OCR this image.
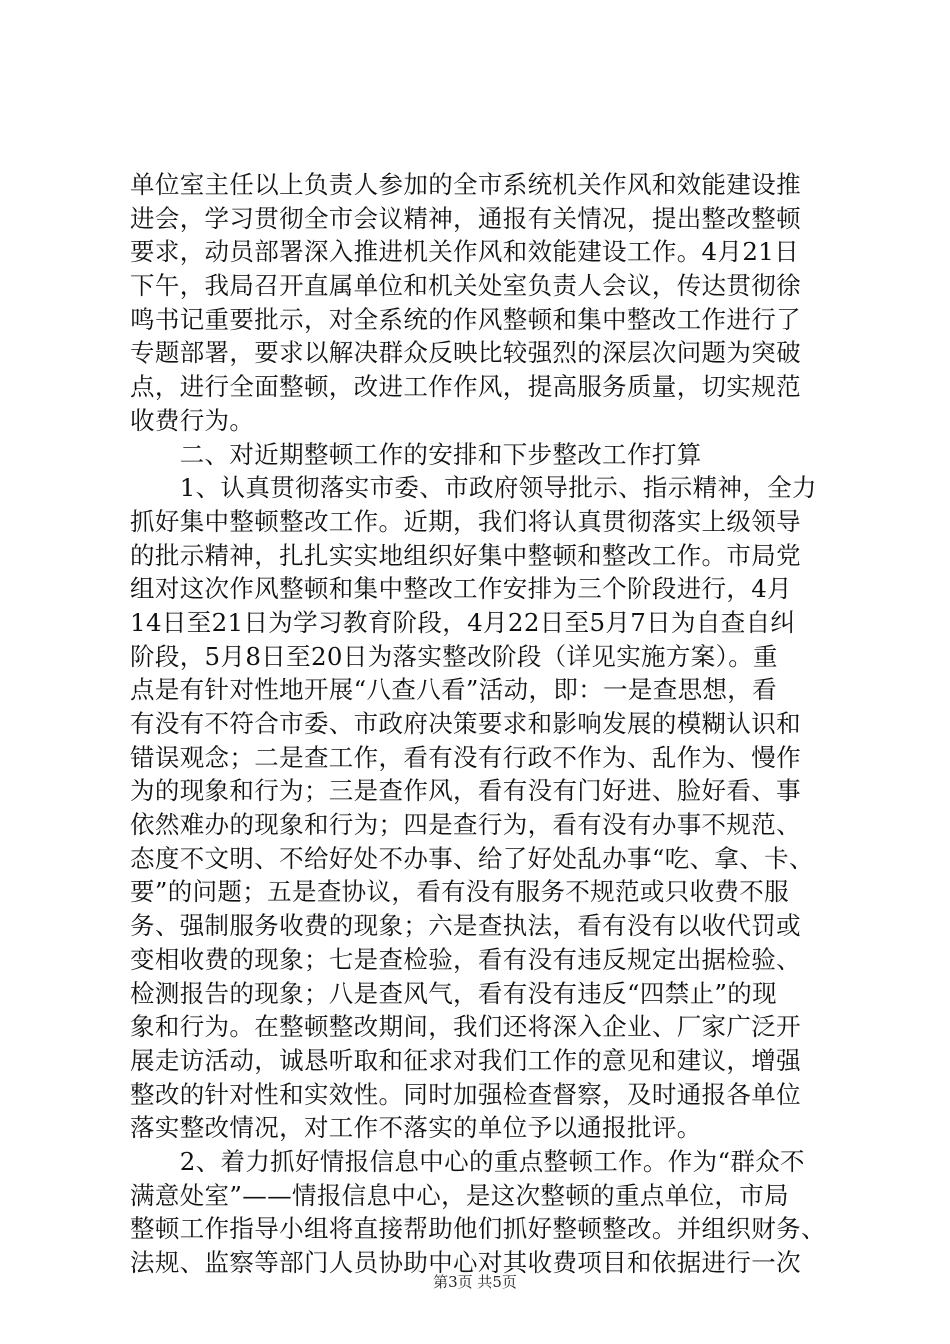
单位室主任以上负责人参加的全市系统机关作风和效能建设推
进会，学习贯彻全市会议精神，通报有关情况，提出整改整顿
要求，动员部署深入推进机关作风和效能建设工作。4月21日
下午，我局召开直属单位和机关处室负责人会议，传达贯彻徐
鸣书记重要批示，对全系统的作风整顿和集中整改工作进行了
专题部署，要求以解决群众反映比较强烈的深层次问题为突破
点，进行全面整顿，改进工作作风，提高服务质量，切实规范
收费行为。
　　二、对近期整顿工作的安排和下步整改工作打算
　　1、认真贯彻落实市委、市政府领导批示、指示精神，全力
抓好集中整顿整改工作。近期，我们将认真贯彻落实上级领导
的批示精神，扎扎实实地组织好集中整顿和整改工作。市局党
组对这次作风整顿和集中整改工作安排为三个阶段进行，4月
14日至21日为学习教育阶段，4月22日至5月7日为自查自纠
阶段，5月8日至20日为落实整改阶段（详见实施方案）。重
点是有针对性地开展“八查八看”活动，即：一是查思想，看
有没有不符合市委、市政府决策要求和影响发展的模糊认识和
错误观念；二是查工作，看有没有行政不作为、乱作为、慢作
为的现象和行为；三是查作风，看有没有门好进、脸好看、事
依然难办的现象和行为；四是查行为，看有没有办事不规范、
态度不文明、不给好处不办事、给了好处乱办事“吃、拿、卡、
要”的问题；五是查协议，看有没有服务不规范或只收费不服
务、强制服务收费的现象；六是查执法，看有没有以收代罚或
变相收费的现象；七是查检验，看有没有违反规定出据检验、
检测报告的现象；八是查风气，看有没有违反“四禁止”的现
象和行为。在整顿整改期间，我们还将深入企业、厂家广泛开
展走访活动，诚恳听取和征求对我们工作的意见和建议，增强
整改的针对性和实效性。同时加强检查督察，及时通报各单位
落实整改情况，对工作不落实的单位予以通报批评。
　　2、着力抓好情报信息中心的重点整顿工作。作为“群众不
满意处室”——情报信息中心，是这次整顿的重点单位，市局
整顿工作指导小组将直接帮助他们抓好整顿整改。并组织财务、
法规、监察等部门人员协助中心对其收费项目和依据进行一次
第3页 共5页
